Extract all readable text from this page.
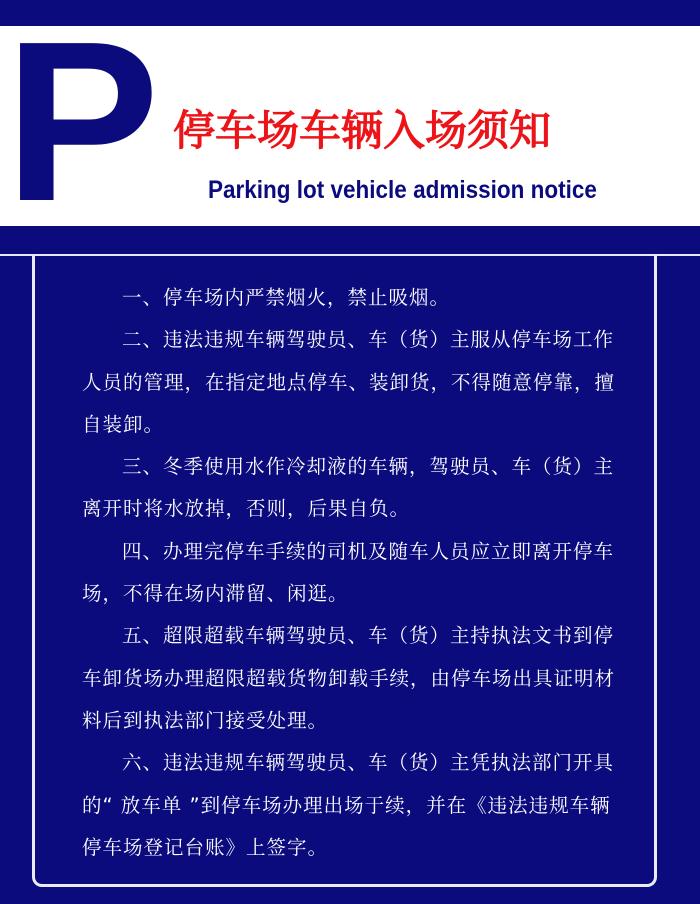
P 停车场车辆入场须知
Parking lot vehicle admission notice

一、停车场内严禁烟火，禁止吸烟。

二、违法违规车辆驾驶员、车（货）主服从停车场工作人员的管理，在指定地点停车、装卸货，不得随意停靠，擅自装卸。

三、冬季使用水作冷却液的车辆，驾驶员、车（货）主离开时将水放掉，否则，后果自负。

四、办理完停车手续的司机及随车人员应立即离开停车场，不得在场内滞留、闲逛。

五、超限超载车辆驾驶员、车（货）主持执法文书到停车卸货场办理超限超载货物卸载手续，由停车场出具证明材料后到执法部门接受处理。

六、违法违规车辆驾驶员、车（货）主凭执法部门开具的“ 放车单 ”到停车场办理出场于续，并在《违法违规车辆停车场登记台账》上签字。
